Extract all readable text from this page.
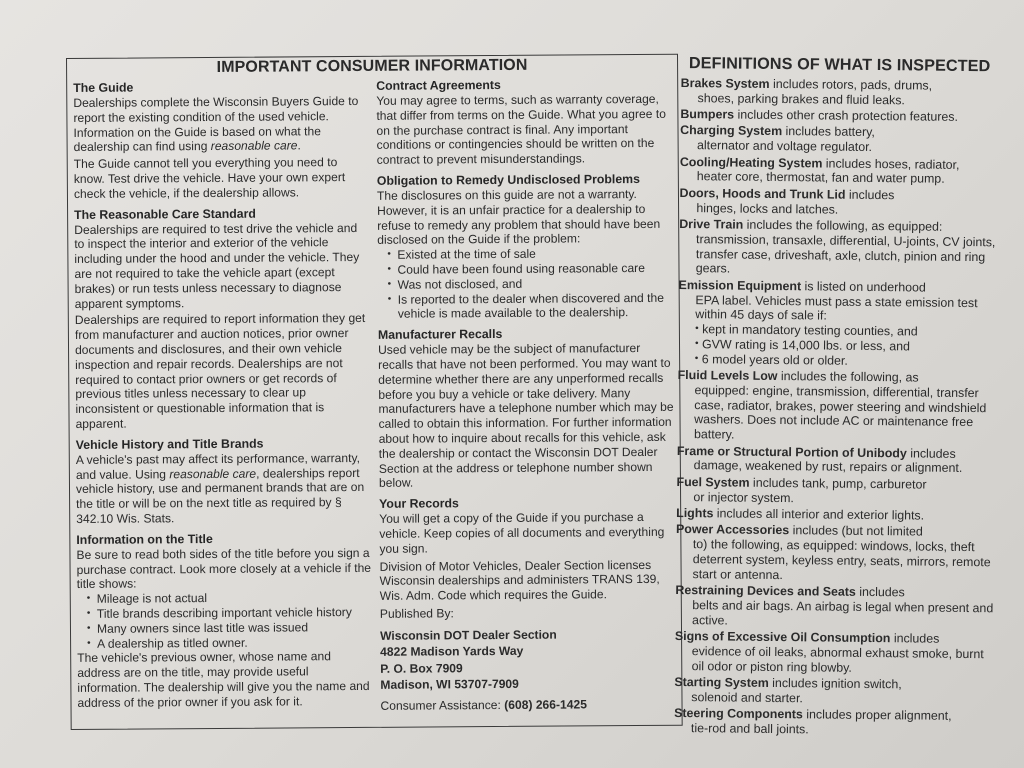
IMPORTANT CONSUMER INFORMATION
The Guide

Dealerships complete the Wisconsin Buyers Guide to report the existing condition of the used vehicle. Information on the Guide is based on what the dealership can find using reasonable care.

The Guide cannot tell you everything you need to know. Test drive the vehicle. Have your own expert check the vehicle, if the dealership allows.

The Reasonable Care Standard

Dealerships are required to test drive the vehicle and to inspect the interior and exterior of the vehicle including under the hood and under the vehicle. They are not required to take the vehicle apart (except brakes) or run tests unless necessary to diagnose apparent symptoms.

Dealerships are required to report information they get from manufacturer and auction notices, prior owner documents and disclosures, and their own vehicle inspection and repair records. Dealerships are not required to contact prior owners or get records of previous titles unless necessary to clear up inconsistent or questionable information that is apparent.

Vehicle History and Title Brands

A vehicle's past may affect its performance, warranty, and value. Using reasonable care, dealerships report vehicle history, use and permanent brands that are on the title or will be on the next title as required by § 342.10 Wis. Stats.

Information on the Title

Be sure to read both sides of the title before you sign a purchase contract. Look more closely at a vehicle if the title shows:

• Mileage is not actual
• Title brands describing important vehicle history
• Many owners since last title was issued
• A dealership as titled owner.

The vehicle's previous owner, whose name and address are on the title, may provide useful information. The dealership will give you the name and address of the prior owner if you ask for it.

Contract Agreements

You may agree to terms, such as warranty coverage, that differ from terms on the Guide. What you agree to on the purchase contract is final. Any important conditions or contingencies should be written on the contract to prevent misunderstandings.

Obligation to Remedy Undisclosed Problems

The disclosures on this guide are not a warranty. However, it is an unfair practice for a dealership to refuse to remedy any problem that should have been disclosed on the Guide if the problem:

• Existed at the time of sale
• Could have been found using reasonable care
• Was not disclosed, and
• Is reported to the dealer when discovered and the vehicle is made available to the dealership.
Manufacturer Recalls

Used vehicle may be the subject of manufacturer recalls that have not been performed. You may want to determine whether there are any unperformed recalls before you buy a vehicle or take delivery. Many manufacturers have a telephone number which may be called to obtain this information. For further information about how to inquire about recalls for this vehicle, ask the dealership or contact the Wisconsin DOT Dealer Section at the address or telephone number shown below.

Your Records

You will get a copy of the Guide if you purchase a vehicle. Keep copies of all documents and everything you sign.

Division of Motor Vehicles, Dealer Section licenses Wisconsin dealerships and administers TRANS 139, Wis. Adm. Code which requires the Guide.

Published By:

Wisconsin DOT Dealer Section
4822 Madison Yards Way
P. O. Box 7909
Madison, WI 53707-7909

Consumer Assistance: (608) 266-1425

DEFINITIONS OF WHAT IS INSPECTED
Brakes System includes rotors, pads, drums,
shoes, parking brakes and fluid leaks.
Bumpers includes other crash protection features.
Charging System includes battery,
alternator and voltage regulator.
Cooling/Heating System includes hoses, radiator,
heater core, thermostat, fan and water pump.
Doors, Hoods and Trunk Lid includes
hinges, locks and latches.
Drive Train includes the following, as equipped:
transmission, transaxle, differential, U-joints, CV joints, transfer case, driveshaft, axle, clutch, pinion and ring gears.
Emission Equipment is listed on underhood
EPA label. Vehicles must pass a state emission test within 45 days of sale if:
• kept in mandatory testing counties, and
• GVW rating is 14,000 lbs. or less, and
• 6 model years old or older.
Fluid Levels Low includes the following, as
equipped: engine, transmission, differential, transfer case, radiator, brakes, power steering and windshield washers. Does not include AC or maintenance free battery.
Frame or Structural Portion of Unibody includes
damage, weakened by rust, repairs or alignment.
Fuel System includes tank, pump, carburetor
or injector system.
Lights includes all interior and exterior lights.
Power Accessories includes (but not limited
to) the following, as equipped: windows, locks, theft deterrent system, keyless entry, seats, mirrors, remote start or antenna.
Restraining Devices and Seats includes
belts and air bags. An airbag is legal when present and active.
Signs of Excessive Oil Consumption includes
evidence of oil leaks, abnormal exhaust smoke, burnt oil odor or piston ring blowby.
Starting System includes ignition switch,
solenoid and starter.
Steering Components includes proper alignment,
tie-rod and ball joints.
